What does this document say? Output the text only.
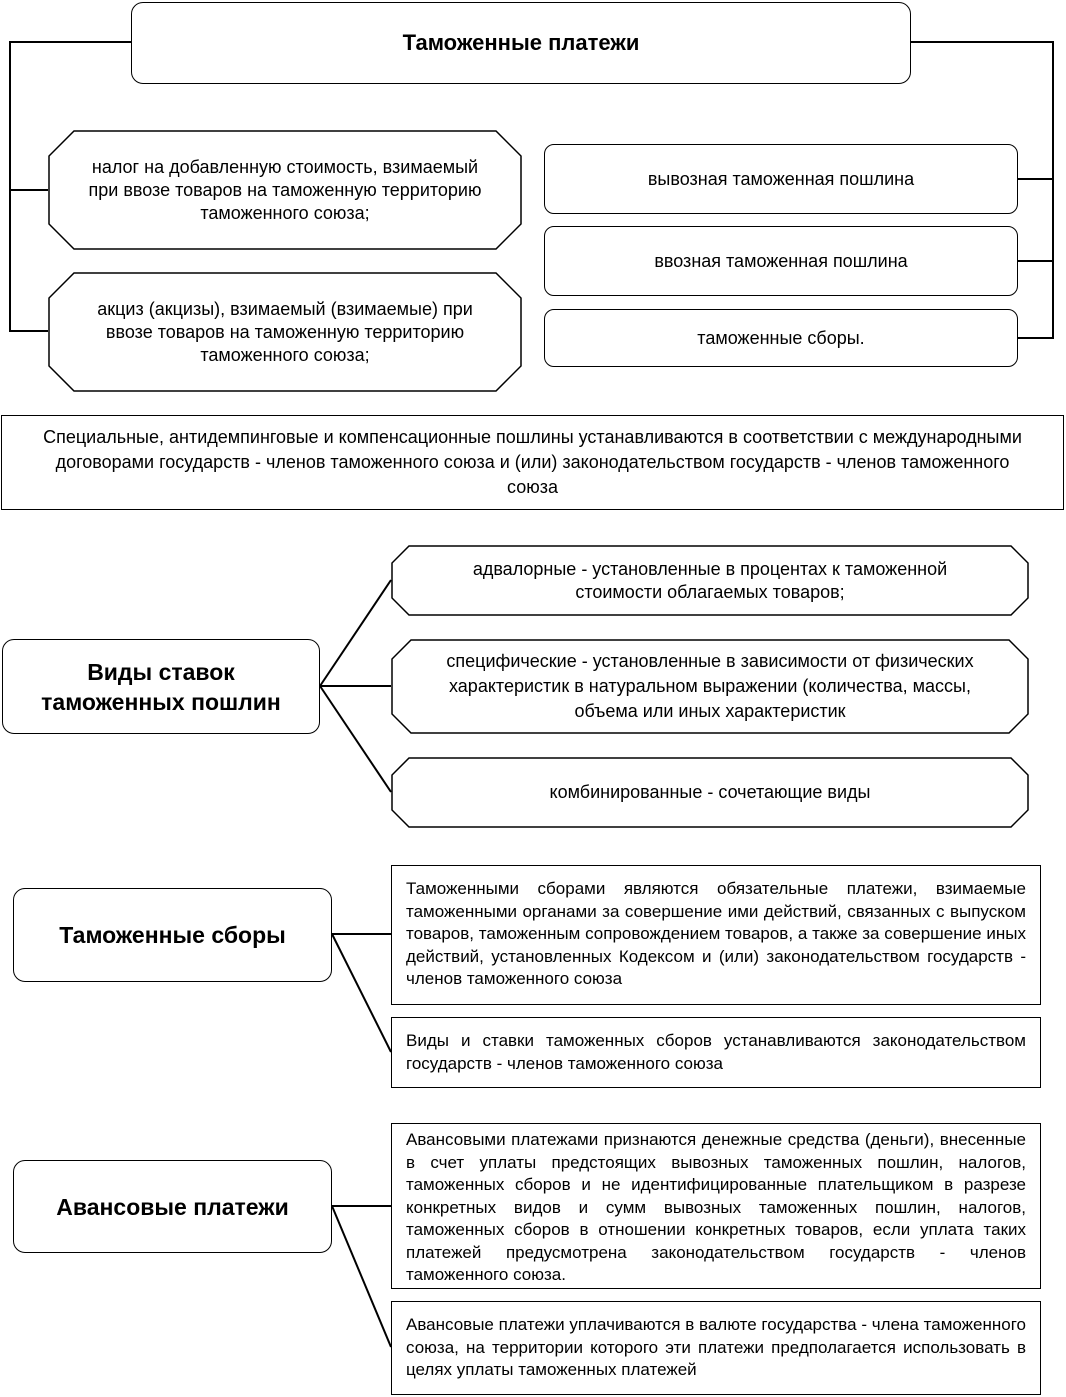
Таможенные платежи
налог на добавленную стоимость, взимаемый при ввозе товаров на таможенную территорию таможенного союза;
акциз (акцизы), взимаемый (взимаемые) при ввозе товаров на таможенную территорию таможенного союза;
вывозная таможенная пошлина
ввозная таможенная пошлина
таможенные сборы.
Специальные, антидемпинговые и компенсационные пошлины устанавливаются в соответствии с международными договорами государств - членов таможенного союза и (или) законодательством государств - членов таможенного союза
Виды ставок таможенных пошлин
адвалорные - установленные в процентах к таможенной стоимости облагаемых товаров;
специфические - установленные в зависимости от физических характеристик в натуральном выражении (количества, массы, объема или иных характеристик
комбинированные - сочетающие виды
Таможенные сборы
Таможенными сборами являются обязательные платежи, взимаемые таможенными органами за совершение ими действий, связанных с выпуском товаров, таможенным сопровождением товаров, а также за совершение иных действий, установленных Кодексом и (или) законодательством государств - членов таможенного союза
Виды и ставки таможенных сборов устанавливаются законодательством государств - членов таможенного союза
Авансовые платежи
Авансовыми платежами признаются денежные средства (деньги), внесенные в счет уплаты предстоящих вывозных таможенных пошлин, налогов, таможенных сборов и не идентифицированные плательщиком в разрезе конкретных видов и сумм вывозных таможенных пошлин, налогов, таможенных сборов в отношении конкретных товаров, если уплата таких платежей предусмотрена законодательством государств - членов таможенного союза.
Авансовые платежи уплачиваются в валюте государства - члена таможенного союза, на территории которого эти платежи предполагается использовать в целях уплаты таможенных платежей
